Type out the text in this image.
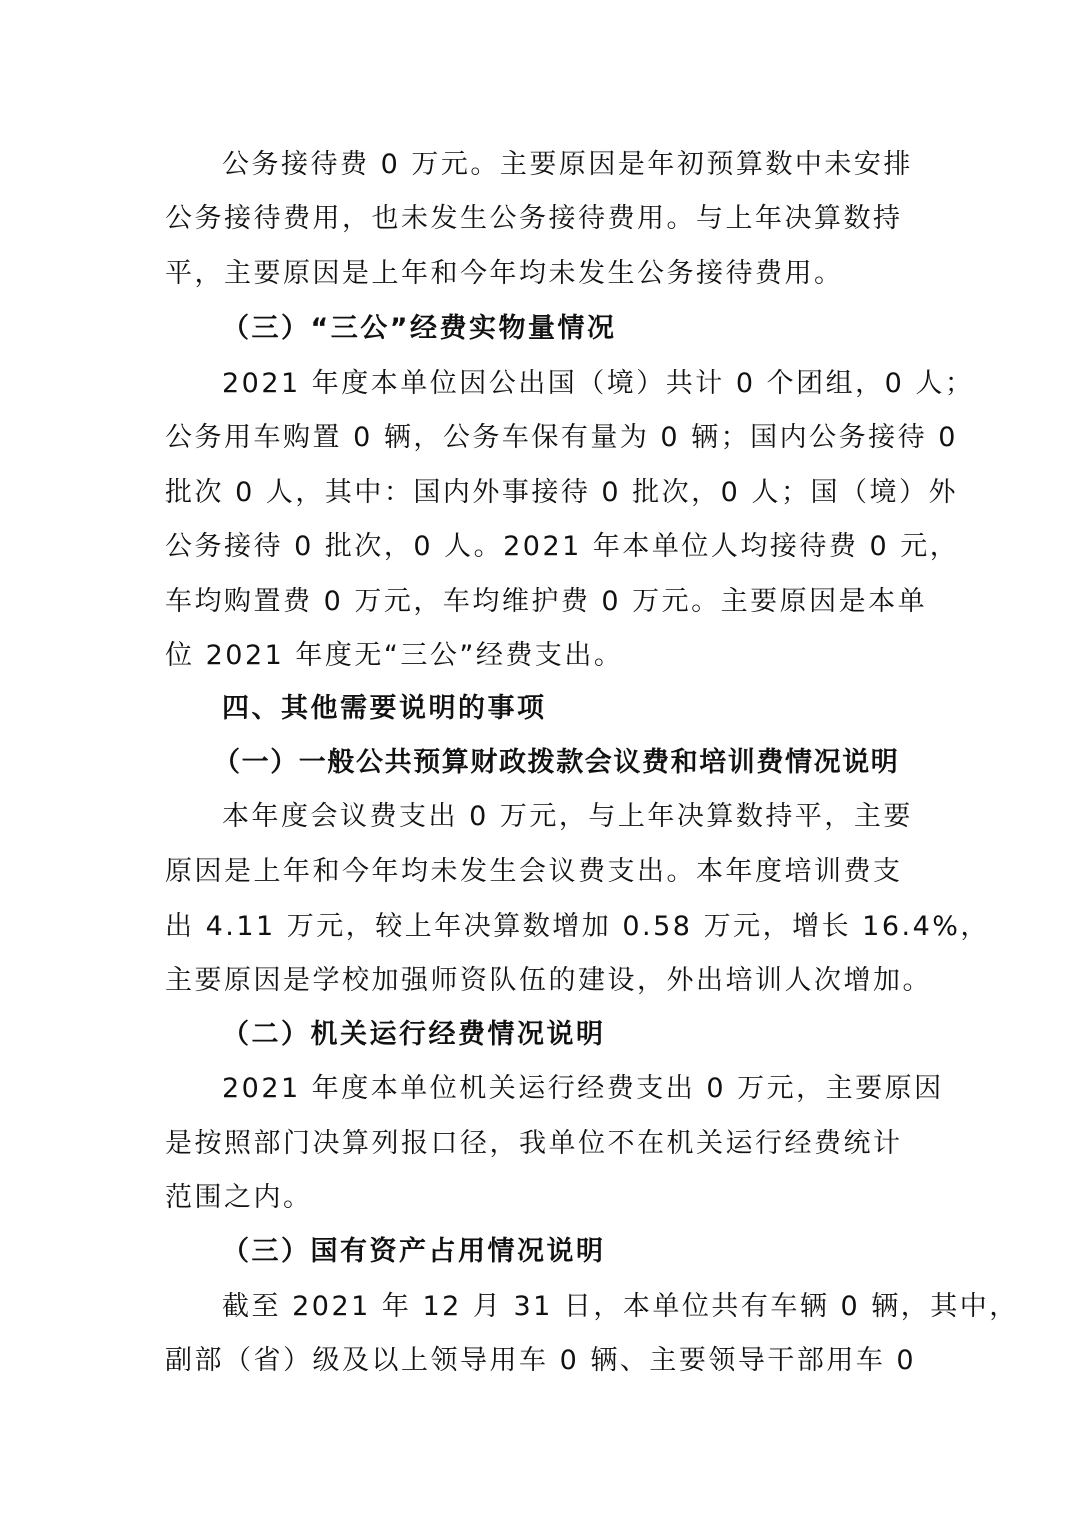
公务接待费 0 万元。主要原因是年初预算数中未安排
公务接待费用，也未发生公务接待费用。与上年决算数持
平，主要原因是上年和今年均未发生公务接待费用。
（三）“三公”经费实物量情况
2021 年度本单位因公出国（境）共计 0 个团组，0 人；
公务用车购置 0 辆，公务车保有量为 0 辆；国内公务接待 0
批次 0 人，其中：国内外事接待 0 批次，0 人；国（境）外
公务接待 0 批次，0 人。2021 年本单位人均接待费 0 元，
车均购置费 0 万元，车均维护费 0 万元。主要原因是本单
位 2021 年度无“三公”经费支出。
四、其他需要说明的事项
（一）一般公共预算财政拨款会议费和培训费情况说明
本年度会议费支出 0 万元，与上年决算数持平，主要
原因是上年和今年均未发生会议费支出。本年度培训费支
出 4.11 万元，较上年决算数增加 0.58 万元，增长 16.4%，
主要原因是学校加强师资队伍的建设，外出培训人次增加。
（二）机关运行经费情况说明
2021 年度本单位机关运行经费支出 0 万元，主要原因
是按照部门决算列报口径，我单位不在机关运行经费统计
范围之内。
（三）国有资产占用情况说明
截至 2021 年 12 月 31 日，本单位共有车辆 0 辆，其中，
副部（省）级及以上领导用车 0 辆、主要领导干部用车 0
